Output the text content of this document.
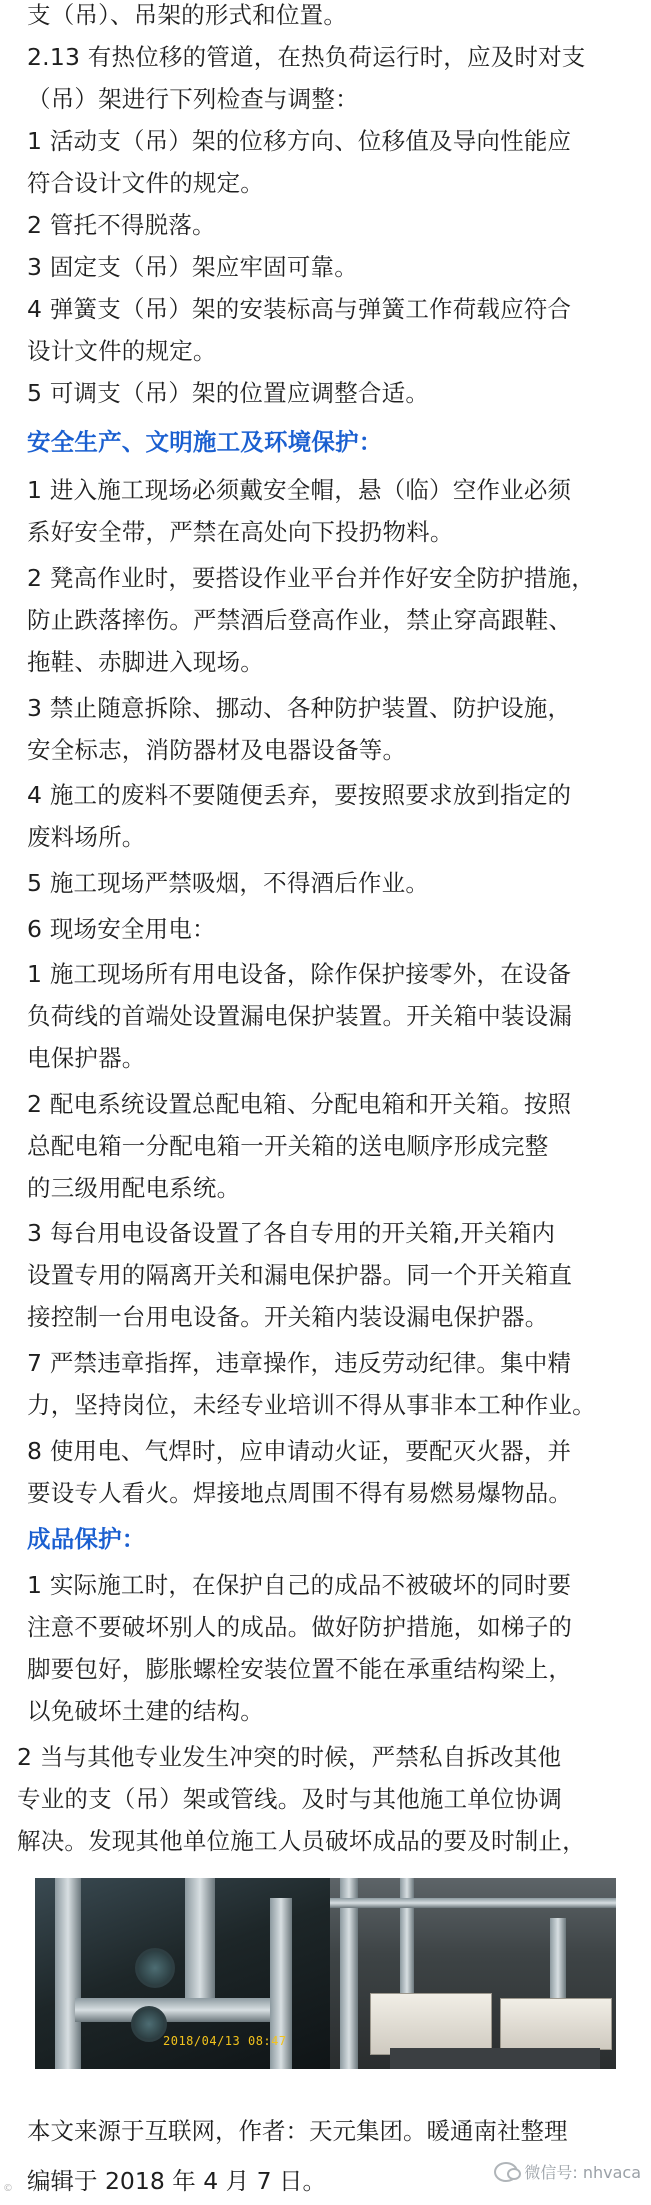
支（吊）、吊架的形式和位置。
2.13 有热位移的管道，在热负荷运行时，应及时对支
（吊）架进行下列检查与调整：
1 活动支（吊）架的位移方向、位移值及导向性能应
符合设计文件的规定。
2 管托不得脱落。
3 固定支（吊）架应牢固可靠。
4 弹簧支（吊）架的安装标高与弹簧工作荷载应符合
设计文件的规定。
5 可调支（吊）架的位置应调整合适。
安全生产、文明施工及环境保护：
1 进入施工现场必须戴安全帽，悬（临）空作业必须
系好安全带，严禁在高处向下投扔物料。
2 凳高作业时，要搭设作业平台并作好安全防护措施，
防止跌落摔伤。严禁酒后登高作业，禁止穿高跟鞋、
拖鞋、赤脚进入现场。
3 禁止随意拆除、挪动、各种防护装置、防护设施，
安全标志，消防器材及电器设备等。
4 施工的废料不要随便丢弃，要按照要求放到指定的
废料场所。
5 施工现场严禁吸烟，不得酒后作业。
6 现场安全用电：
1 施工现场所有用电设备，除作保护接零外，在设备
负荷线的首端处设置漏电保护装置。开关箱中装设漏
电保护器。
2 配电系统设置总配电箱、分配电箱和开关箱。按照
总配电箱一分配电箱一开关箱的送电顺序形成完整
的三级用配电系统。
3 每台用电设备设置了各自专用的开关箱,开关箱内
设置专用的隔离开关和漏电保护器。同一个开关箱直
接控制一台用电设备。开关箱内装设漏电保护器。
7 严禁违章指挥，违章操作，违反劳动纪律。集中精
力，坚持岗位，未经专业培训不得从事非本工种作业。
8 使用电、气焊时，应申请动火证，要配灭火器，并
要设专人看火。焊接地点周围不得有易燃易爆物品。
成品保护：
1 实际施工时，在保护自己的成品不被破坏的同时要
注意不要破坏别人的成品。做好防护措施，如梯子的
脚要包好，膨胀螺栓安装位置不能在承重结构梁上，
以免破坏土建的结构。
2 当与其他专业发生冲突的时候，严禁私自拆改其他
专业的支（吊）架或管线。及时与其他施工单位协调
解决。发现其他单位施工人员破坏成品的要及时制止，
2018/04/13 08:47
本文来源于互联网，作者：天元集团。暖通南社整理
编辑于 2018 年 4 月 7 日。	微信号: nhvaca
©
